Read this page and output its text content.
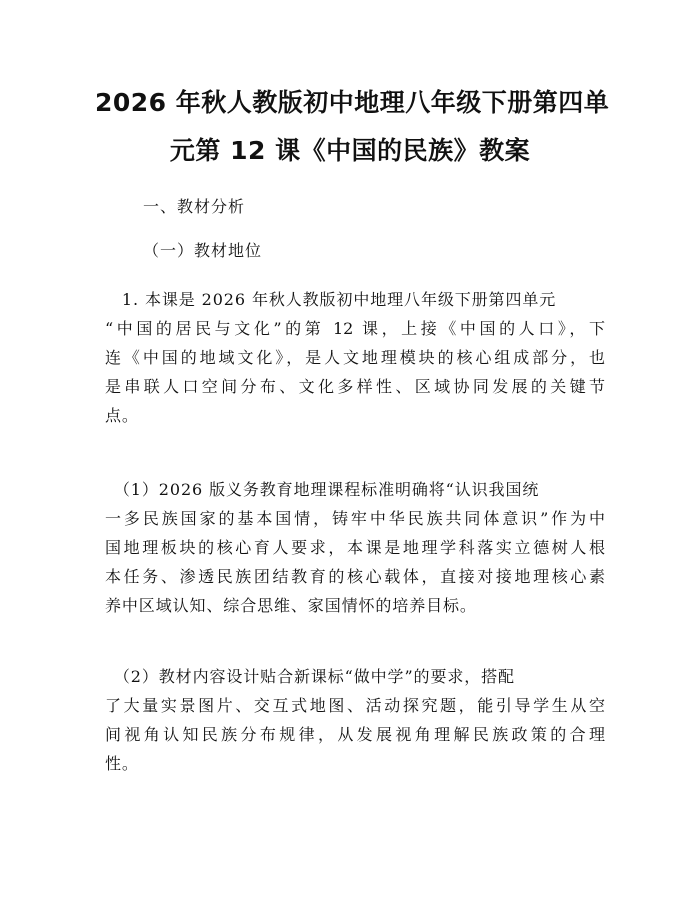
2026 年秋人教版初中地理八年级下册第四单
元第 12 课《中国的民族》教案
一、教材分析
（一）教材地位
　1. 本课是 2026 年秋人教版初中地理八年级下册第四单元
“中国的居民与文化”的第 12 课，上接《中国的人口》，下
连《中国的地域文化》，是人文地理模块的核心组成部分，也
是串联人口空间分布、文化多样性、区域协同发展的关键节
点。
　（1）2026 版义务教育地理课程标准明确将“认识我国统
一多民族国家的基本国情，铸牢中华民族共同体意识”作为中
国地理板块的核心育人要求，本课是地理学科落实立德树人根
本任务、渗透民族团结教育的核心载体，直接对接地理核心素
养中区域认知、综合思维、家国情怀的培养目标。
　（2）教材内容设计贴合新课标“做中学”的要求，搭配
了大量实景图片、交互式地图、活动探究题，能引导学生从空
间视角认知民族分布规律，从发展视角理解民族政策的合理
性。
